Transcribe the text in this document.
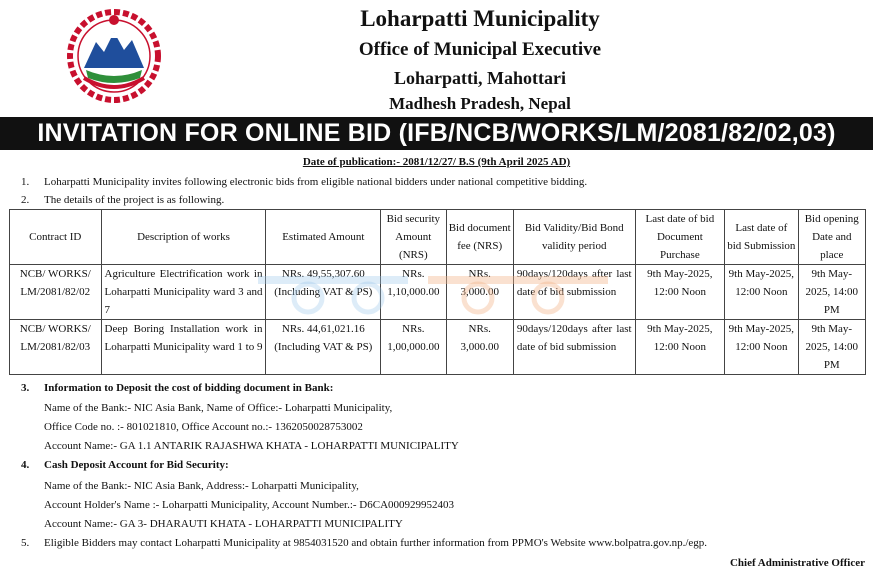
Loharpatti Municipality
Office of Municipal Executive
Loharpatti, Mahottari
Madhesh Pradesh, Nepal
INVITATION FOR ONLINE BID (IFB/NCB/WORKS/LM/2081/82/02,03)
Date of publication:- 2081/12/27/ B.S (9th April 2025 AD)
1. Loharpatti Municipality invites following electronic bids from eligible national bidders under national competitive bidding.
2. The details of the project is as following.
Contract ID	Description of works	Estimated Amount	Bid security Amount (NRS)	Bid document fee (NRS)	Bid Validity/Bid Bond validity period	Last date of bid Document Purchase	Last date of bid Submission	Bid opening Date and place
NCB/ WORKS/ LM/2081/82/02	Agriculture Electrification work in Loharpatti Municipality ward 3 and 7	NRs. 49,55,307.60 (Including VAT & PS)	NRs. 1,10,000.00	NRs. 3,000.00	90days/120days after last date of bid submission	9th May-2025, 12:00 Noon	9th May-2025, 12:00 Noon	9th May-2025, 14:00 PM
NCB/ WORKS/ LM/2081/82/03	Deep Boring Installation work in Loharpatti Municipality ward 1 to 9	NRs. 44,61,021.16 (Including VAT & PS)	NRs. 1,00,000.00	NRs. 3,000.00	90days/120days after last date of bid submission	9th May-2025, 12:00 Noon	9th May-2025, 12:00 Noon	9th May-2025, 14:00 PM
3. Information to Deposit the cost of bidding document in Bank:
Name of the Bank:- NIC Asia Bank, Name of Office:- Loharpatti Municipality,
Office Code no. :- 801021810, Office Account no.:- 1362050028753002
Account Name:- GA 1.1 ANTARIK RAJASHWA KHATA - LOHARPATTI MUNICIPALITY
4. Cash Deposit Account for Bid Security:
Name of the Bank:- NIC Asia Bank, Address:- Loharpatti Municipality,
Account Holder's Name :- Loharpatti Municipality, Account Number.:- D6CA000929952403
Account Name:- GA 3- DHARAUTI KHATA - LOHARPATTI MUNICIPALITY
5. Eligible Bidders may contact Loharpatti Municipality at 9854031520 and obtain further information from PPMO's Website www.bolpatra.gov.np./egp.
Chief Administrative Officer
